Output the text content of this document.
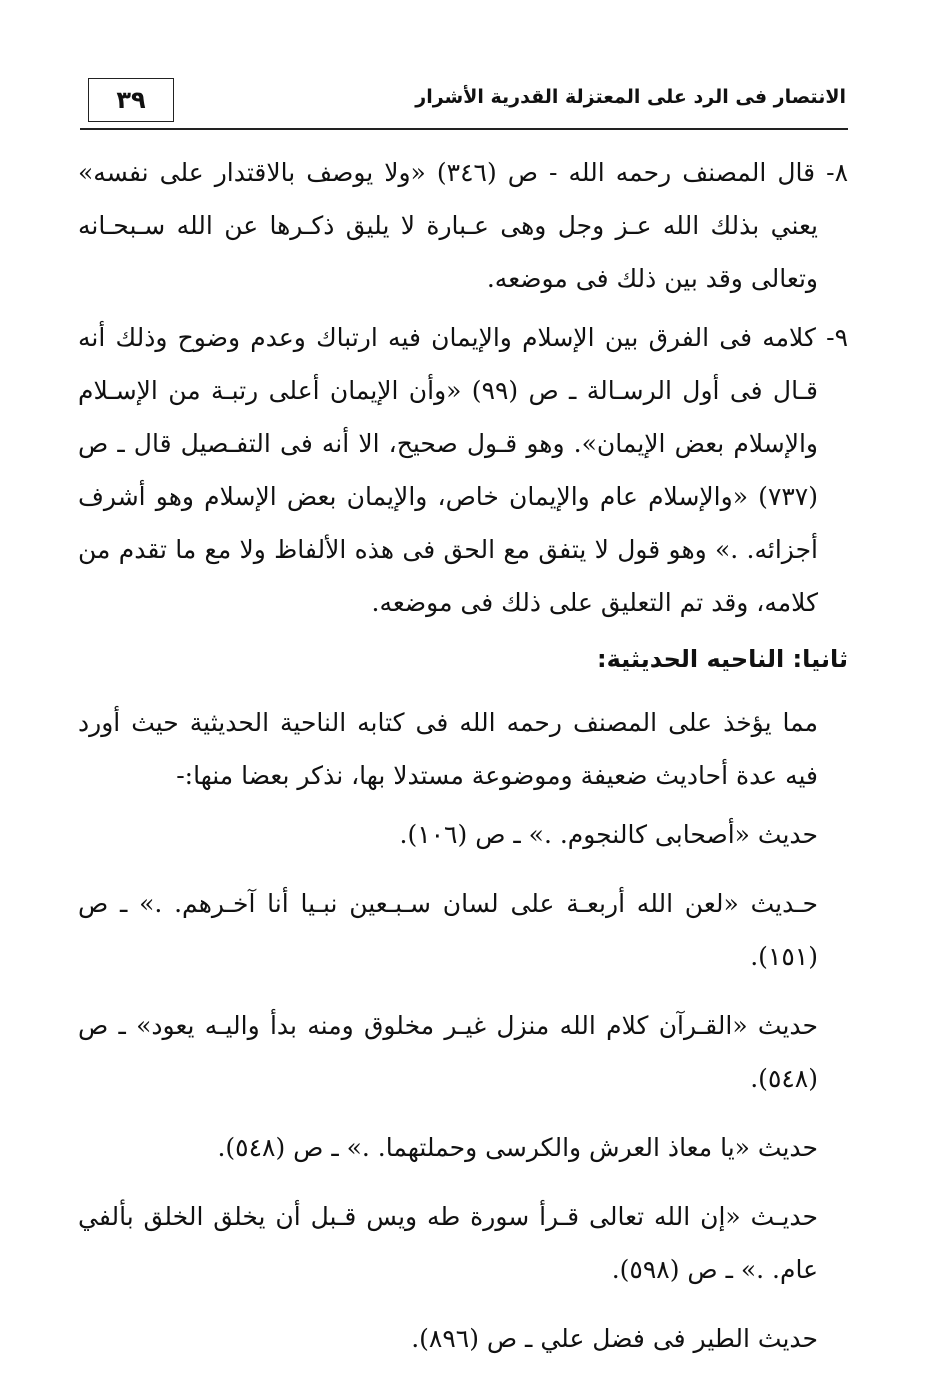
٣٩	الانتصار فى الرد على المعتزلة القدرية الأشرار

٨- قال المصنف رحمه الله - ص (٣٤٦) «ولا يوصف بالاقتدار على نفسه» يعني بذلك الله عـز وجل وهى عـبارة لا يليق ذكـرها عن الله سـبحـانه وتعالى وقد بين ذلك فى موضعه.

٩- كلامه فى الفرق بين الإسلام والإيمان فيه ارتباك وعدم وضوح وذلك أنه قـال فى أول الرسـالة ـ ص (٩٩) «وأن الإيمان أعلى رتبـة من الإسـلام والإسلام بعض الإيمان». وهو قـول صحيح، الا أنه فى التفـصيل قال ـ ص (٧٣٧) «والإسلام عام والإيمان خاص، والإيمان بعض الإسلام وهو أشرف أجزائه. .» وهو قول لا يتفق مع الحق فى هذه الألفاظ ولا مع ما تقدم من كلامه، وقد تم التعليق على ذلك فى موضعه.

ثانيا: الناحيه الحديثية:

مما يؤخذ على المصنف رحمه الله فى كتابه الناحية الحديثية حيث أورد فيه عدة أحاديث ضعيفة وموضوعة مستدلا بها، نذكر بعضا منها:-

حديث «أصحابى كالنجوم. .» ـ ص (١٠٦).

حـديث «لعن الله أربعـة على لسان سـبـعين نبـيا أنا آخـرهم. .» ـ ص (١٥١).

حديث «القـرآن كلام الله منزل غيـر مخلوق ومنه بدأ واليـه يعود» ـ ص (٥٤٨).

حديث «يا معاذ العرش والكرسى وحملتهما. .» ـ ص (٥٤٨).

حديـث «إن الله تعالى قـرأ سورة طه ويس قـبل أن يخلق الخلق بألفي عام. .» ـ ص (٥٩٨).

حديث الطير فى فضل علي ـ ص (٨٩٦).
